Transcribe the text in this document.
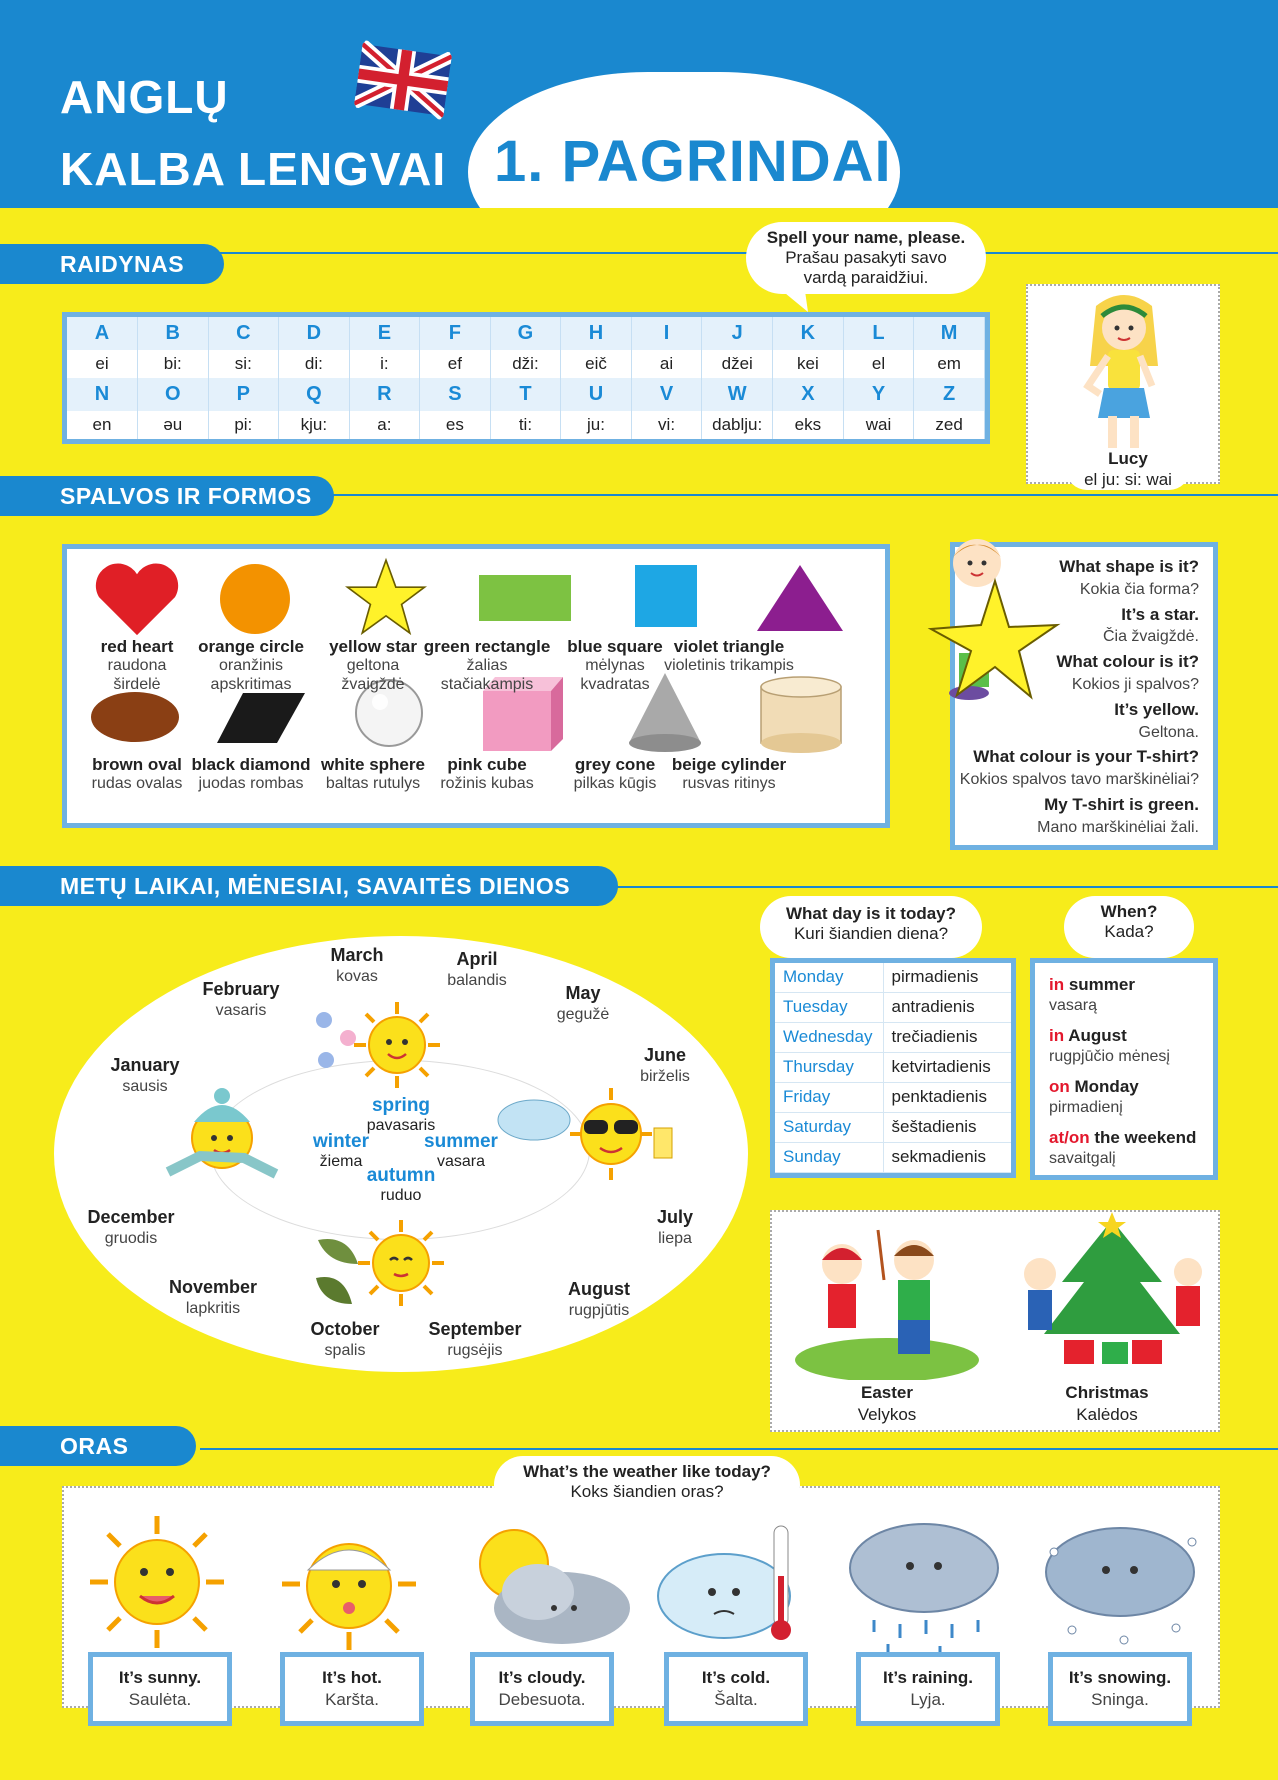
ANGLŲ
KALBA LENGVAI 1. PAGRINDAI
RAIDYNAS
A	B	C	D	E	F	G	H	I	J	K	L	M
ei	bi:	si:	di:	i:	ef	dži:	eič	ai	džei	kei	el	em
N	O	P	Q	R	S	T	U	V	W	X	Y	Z
en	əu	pi:	kju:	a:	es	ti:	ju:	vi:	dablju:	eks	wai	zed
Spell your name, please.
Prašau pasakyti savo
vardą paraidžiui.
Lucy
el ju: si: wai
SPALVOS IR FORMOS
red heart
raudona
širdelė
orange circle
oranžinis
apskritimas
yellow star
geltona
žvaigždė
green rectangle
žalias stačiakampis
blue square
mėlynas
kvadratas
violet triangle
violetinis trikampis
brown oval
rudas ovalas
black diamond
juodas rombas
white sphere
baltas rutulys
pink cube
rožinis kubas
grey cone
pilkas kūgis
beige cylinder
rusvas ritinys
What shape is it?
Kokia čia forma?
It’s a star.
Čia žvaigždė.
What colour is it?
Kokios ji spalvos?
It’s yellow.
Geltona.
What colour is your T-shirt?
Kokios spalvos tavo marškinėliai?
My T-shirt is green.
Mano marškinėliai žali.
METŲ LAIKAI, MĖNESIAI, SAVAITĖS DIENOS
What day is it today?
Kuri šiandien diena?
Monday	pirmadienis
Tuesday	antradienis
Wednesday	trečiadienis
Thursday	ketvirtadienis
Friday	penktadienis
Saturday	šeštadienis
Sunday	sekmadienis
When?
Kada?
in summer
vasarą
in August
rugpjūčio mėnesį
on Monday
pirmadienį
at/on the weekend
savaitgalį
Easter
Velykos
Christmas
Kalėdos
ORAS
What’s the weather like today?
Koks šiandien oras?
It’s sunny.
Saulėta.
It’s hot.
Karšta.
It’s cloudy.
Debesuota.
It’s cold.
Šalta.
It’s raining.
Lyja.
It’s snowing.
Sninga.
January
sausis
February
vasaris
March
kovas
April
balandis
May
gegužė
June
birželis
July
liepa
August
rugpjūtis
September
rugsėjis
October
spalis
November
lapkritis
December
gruodis
spring
pavasaris
winter
žiema
summer
vasara
autumn
ruduo
